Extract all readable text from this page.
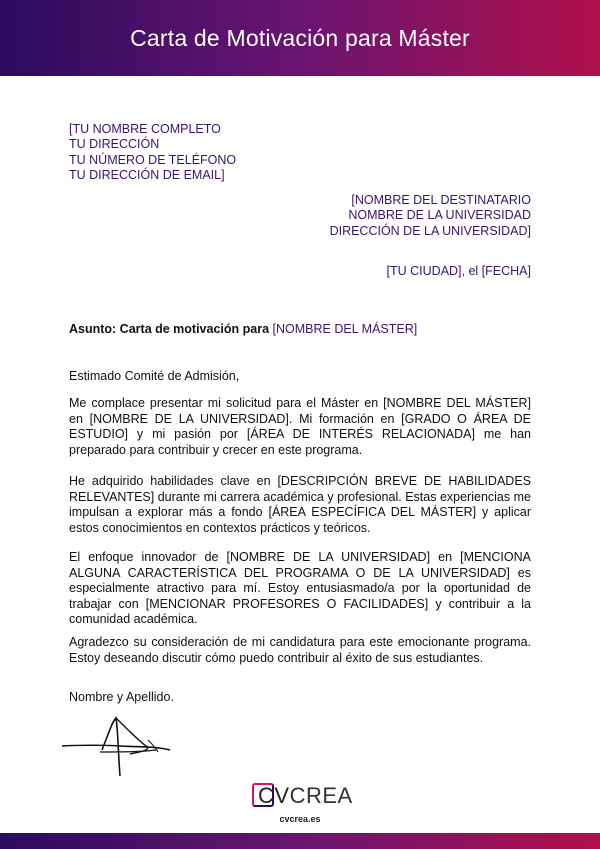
Carta de Motivación para Máster
[TU NOMBRE COMPLETO
TU DIRECCIÓN
TU NÚMERO DE TELÉFONO
TU DIRECCIÓN DE EMAIL]
[NOMBRE DEL DESTINATARIO
NOMBRE DE LA UNIVERSIDAD
DIRECCIÓN DE LA UNIVERSIDAD]
[TU CIUDAD], el [FECHA]
Asunto: Carta de motivación para [NOMBRE DEL MÁSTER]
Estimado Comité de Admisión,

Me complace presentar mi solicitud para el Máster en [NOMBRE DEL MÁSTER] en [NOMBRE DE LA UNIVERSIDAD]. Mi formación en [GRADO O ÁREA DE ESTUDIO] y mi pasión por [ÁREA DE INTERÉS RELACIONADA] me han preparado para contribuir y crecer en este programa.

He adquirido habilidades clave en [DESCRIPCIÓN BREVE DE HABILIDADES RELEVANTES] durante mi carrera académica y profesional. Estas experiencias me impulsan a explorar más a fondo [ÁREA ESPECÍFICA DEL MÁSTER] y aplicar estos conocimientos en contextos prácticos y teóricos.

El enfoque innovador de [NOMBRE DE LA UNIVERSIDAD] en [MENCIONA ALGUNA CARACTERÍSTICA DEL PROGRAMA O DE LA UNIVERSIDAD] es especialmente atractivo para mí. Estoy entusiasmado/a por la oportunidad de trabajar con [MENCIONAR PROFESORES O FACILIDADES] y contribuir a la comunidad académica.

Agradezco su consideración de mi candidatura para este emocionante programa. Estoy deseando discutir cómo puedo contribuir al éxito de sus estudiantes.

Nombre y Apellido.
CVCREA
cvcrea.es
